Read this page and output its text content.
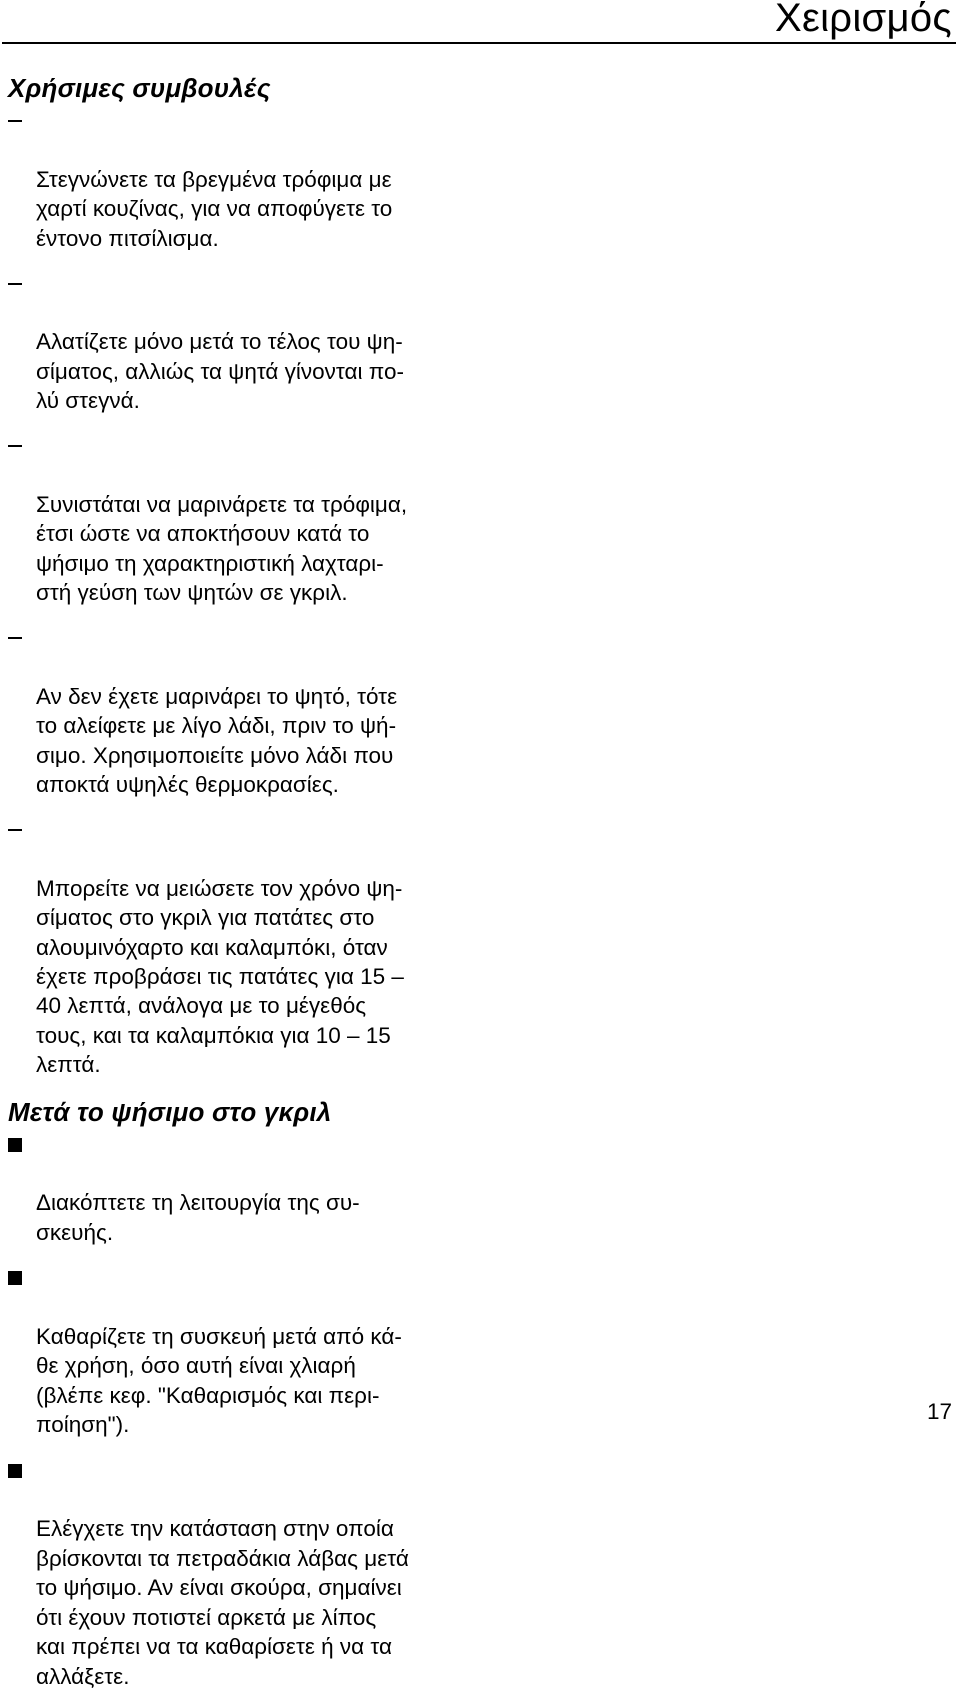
Χειρισμός
Χρήσιμες συμβουλές

Στεγνώνετε τα βρεγμένα τρόφιμα με
χαρτί κουζίνας, για να αποφύγετε το
έντονο πιτσίλισμα.

Αλατίζετε μόνο μετά το τέλος του ψη-
σίματος, αλλιώς τα ψητά γίνονται πο-
λύ στεγνά.

Συνιστάται να μαρινάρετε τα τρόφιμα,
έτσι ώστε να αποκτήσουν κατά το
ψήσιμο τη χαρακτηριστική λαχταρι-
στή γεύση των ψητών σε γκριλ.

Αν δεν έχετε μαρινάρει το ψητό, τότε
το αλείφετε με λίγο λάδι, πριν το ψή-
σιμο. Χρησιμοποιείτε μόνο λάδι που
αποκτά υψηλές θερμοκρασίες.

Μπορείτε να μειώσετε τον χρόνο ψη-
σίματος στο γκριλ για πατάτες στο
αλουμινόχαρτο και καλαμπόκι, όταν
έχετε προβράσει τις πατάτες για 15 –
40 λεπτά, ανάλογα με το μέγεθός
τους, και τα καλαμπόκια για 10 – 15
λεπτά.

Μετά το ψήσιμο στο γκριλ

Διακόπτετε τη λειτουργία της συ-
σκευής.

Καθαρίζετε τη συσκευή μετά από κά-
θε χρήση, όσο αυτή είναι χλιαρή
(βλέπε κεφ. "Καθαρισμός και περι-
ποίηση").

Ελέγχετε την κατάσταση στην οποία
βρίσκονται τα πετραδάκια λάβας μετά
το ψήσιμο. Αν είναι σκούρα, σημαίνει
ότι έχουν ποτιστεί αρκετά με λίπος
και πρέπει να τα καθαρίσετε ή να τα
αλλάξετε.

17
